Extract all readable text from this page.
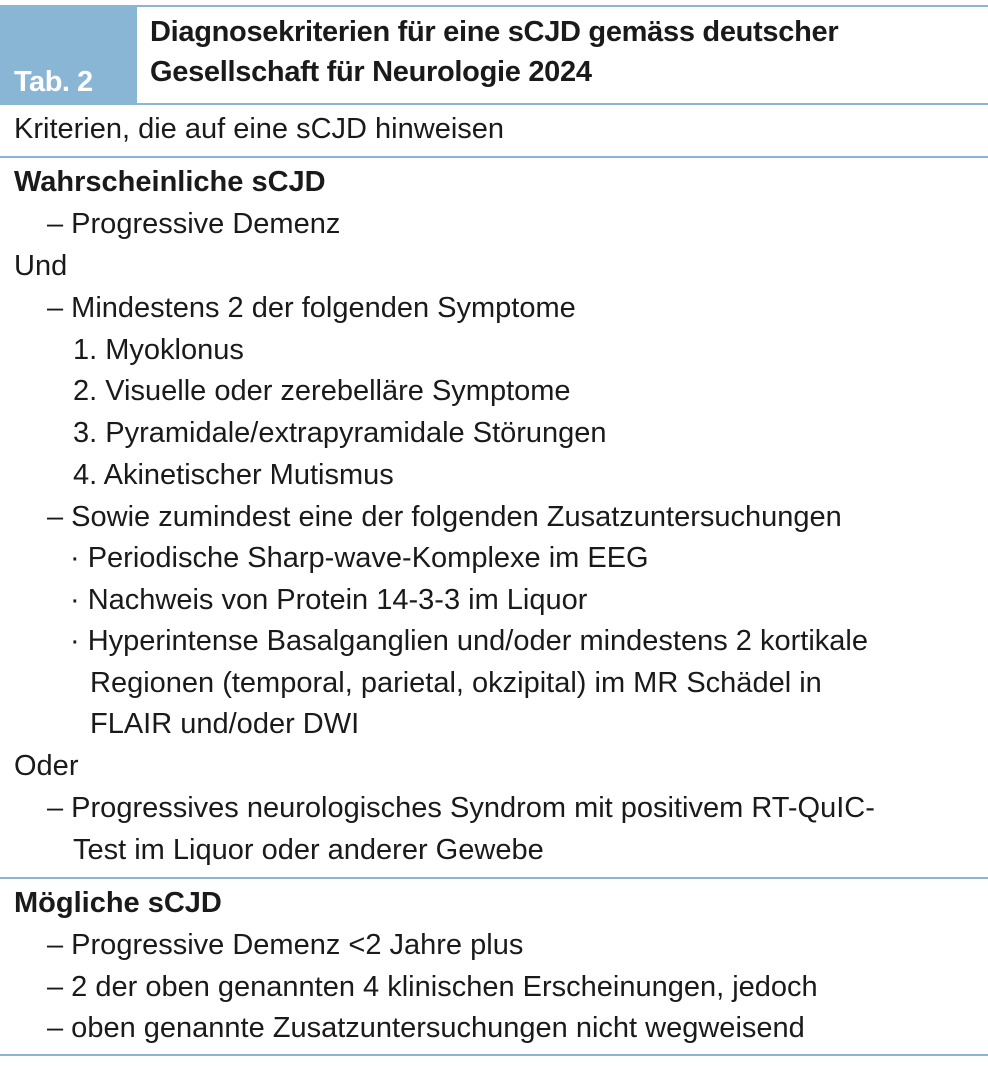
Tab. 2
Diagnosekriterien für eine sCJD gemäss deutscher
Gesellschaft für Neurologie 2024
Kriterien, die auf eine sCJD hinweisen
Wahrscheinliche sCJD
– Progressive Demenz
Und
– Mindestens 2 der folgenden Symptome
1. Myoklonus
2. Visuelle oder zerebelläre Symptome
3. Pyramidale/extrapyramidale Störungen
4. Akinetischer Mutismus
– Sowie zumindest eine der folgenden Zusatzuntersuchungen
· Periodische Sharp-wave-Komplexe im EEG
· Nachweis von Protein 14-3-3 im Liquor
· Hyperintense Basalganglien und/oder mindestens 2 kortikale
Regionen (temporal, parietal, okzipital) im MR Schädel in
FLAIR und/oder DWI
Oder
– Progressives neurologisches Syndrom mit positivem RT-QuIC-
Test im Liquor oder anderer Gewebe
Mögliche sCJD
– Progressive Demenz <2 Jahre plus
– 2 der oben genannten 4 klinischen Erscheinungen, jedoch
– oben genannte Zusatzuntersuchungen nicht wegweisend
